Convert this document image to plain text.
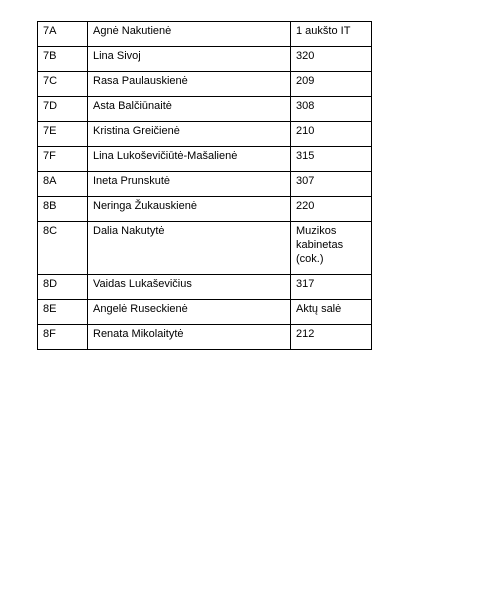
7A	Agnė Nakutienė	1 aukšto IT
7B	Lina Sivoj	320
7C	Rasa Paulauskienė	209
7D	Asta Balčiūnaitė	308
7E	Kristina Greičienė	210
7F	Lina Lukoševičiūtė-Mašalienė	315
8A	Ineta Prunskutė	307
8B	Neringa Žukauskienė	220
8C	Dalia Nakutytė	Muzikos kabinetas (cok.)
8D	Vaidas Lukaševičius	317
8E	Angelė Ruseckienė	Aktų salė
8F	Renata Mikolaitytė	212
